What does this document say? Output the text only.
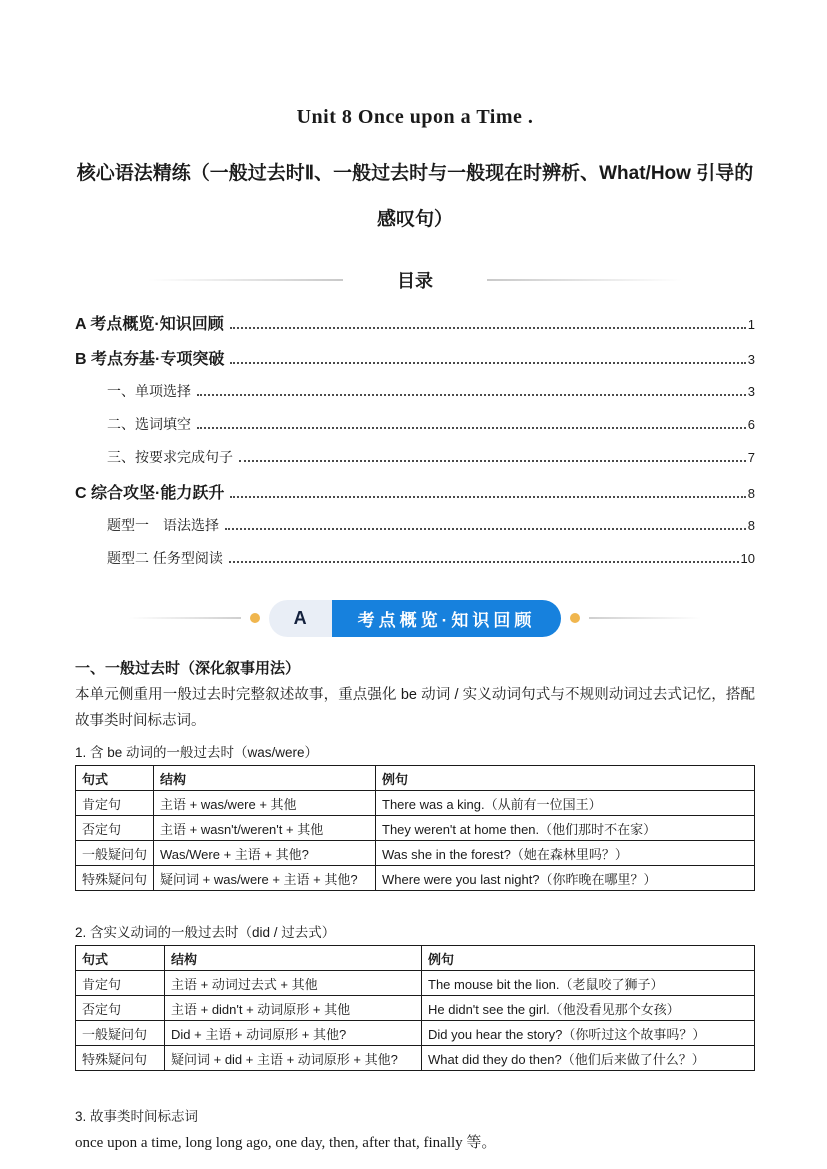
Unit 8 Once upon a Time .
核心语法精练（一般过去时Ⅱ、一般过去时与一般现在时辨析、What/How 引导的感叹句）
目录
A 考点概览·知识回顾	1
B 考点夯基·专项突破	3
一、单项选择	3
二、选词填空	6
三、按要求完成句子	7
C 综合攻坚·能力跃升	8
题型一　语法选择	8
题型二 任务型阅读	10
A	考点概览·知识回顾
一、一般过去时（深化叙事用法）

本单元侧重用一般过去时完整叙述故事，重点强化 be 动词 / 实义动词句式与不规则动词过去式记忆，搭配故事类时间标志词。

1. 含 be 动词的一般过去时（was/were）
句式	结构	例句
肯定句	主语 + was/were + 其他	There was a king.（从前有一位国王）
否定句	主语 + wasn't/weren't + 其他	They weren't at home then.（他们那时不在家）
一般疑问句	Was/Were + 主语 + 其他?	Was she in the forest?（她在森林里吗？）
特殊疑问句	疑问词 + was/were + 主语 + 其他?	Where were you last night?（你昨晚在哪里？）
2. 含实义动词的一般过去时（did / 过去式）
句式	结构	例句
肯定句	主语 + 动词过去式 + 其他	The mouse bit the lion.（老鼠咬了狮子）
否定句	主语 + didn't + 动词原形 + 其他	He didn't see the girl.（他没看见那个女孩）
一般疑问句	Did + 主语 + 动词原形 + 其他?	Did you hear the story?（你听过这个故事吗？）
特殊疑问句	疑问词 + did + 主语 + 动词原形 + 其他?	What did they do then?（他们后来做了什么？）
3. 故事类时间标志词

once upon a time, long long ago, one day, then, after that, finally 等。
